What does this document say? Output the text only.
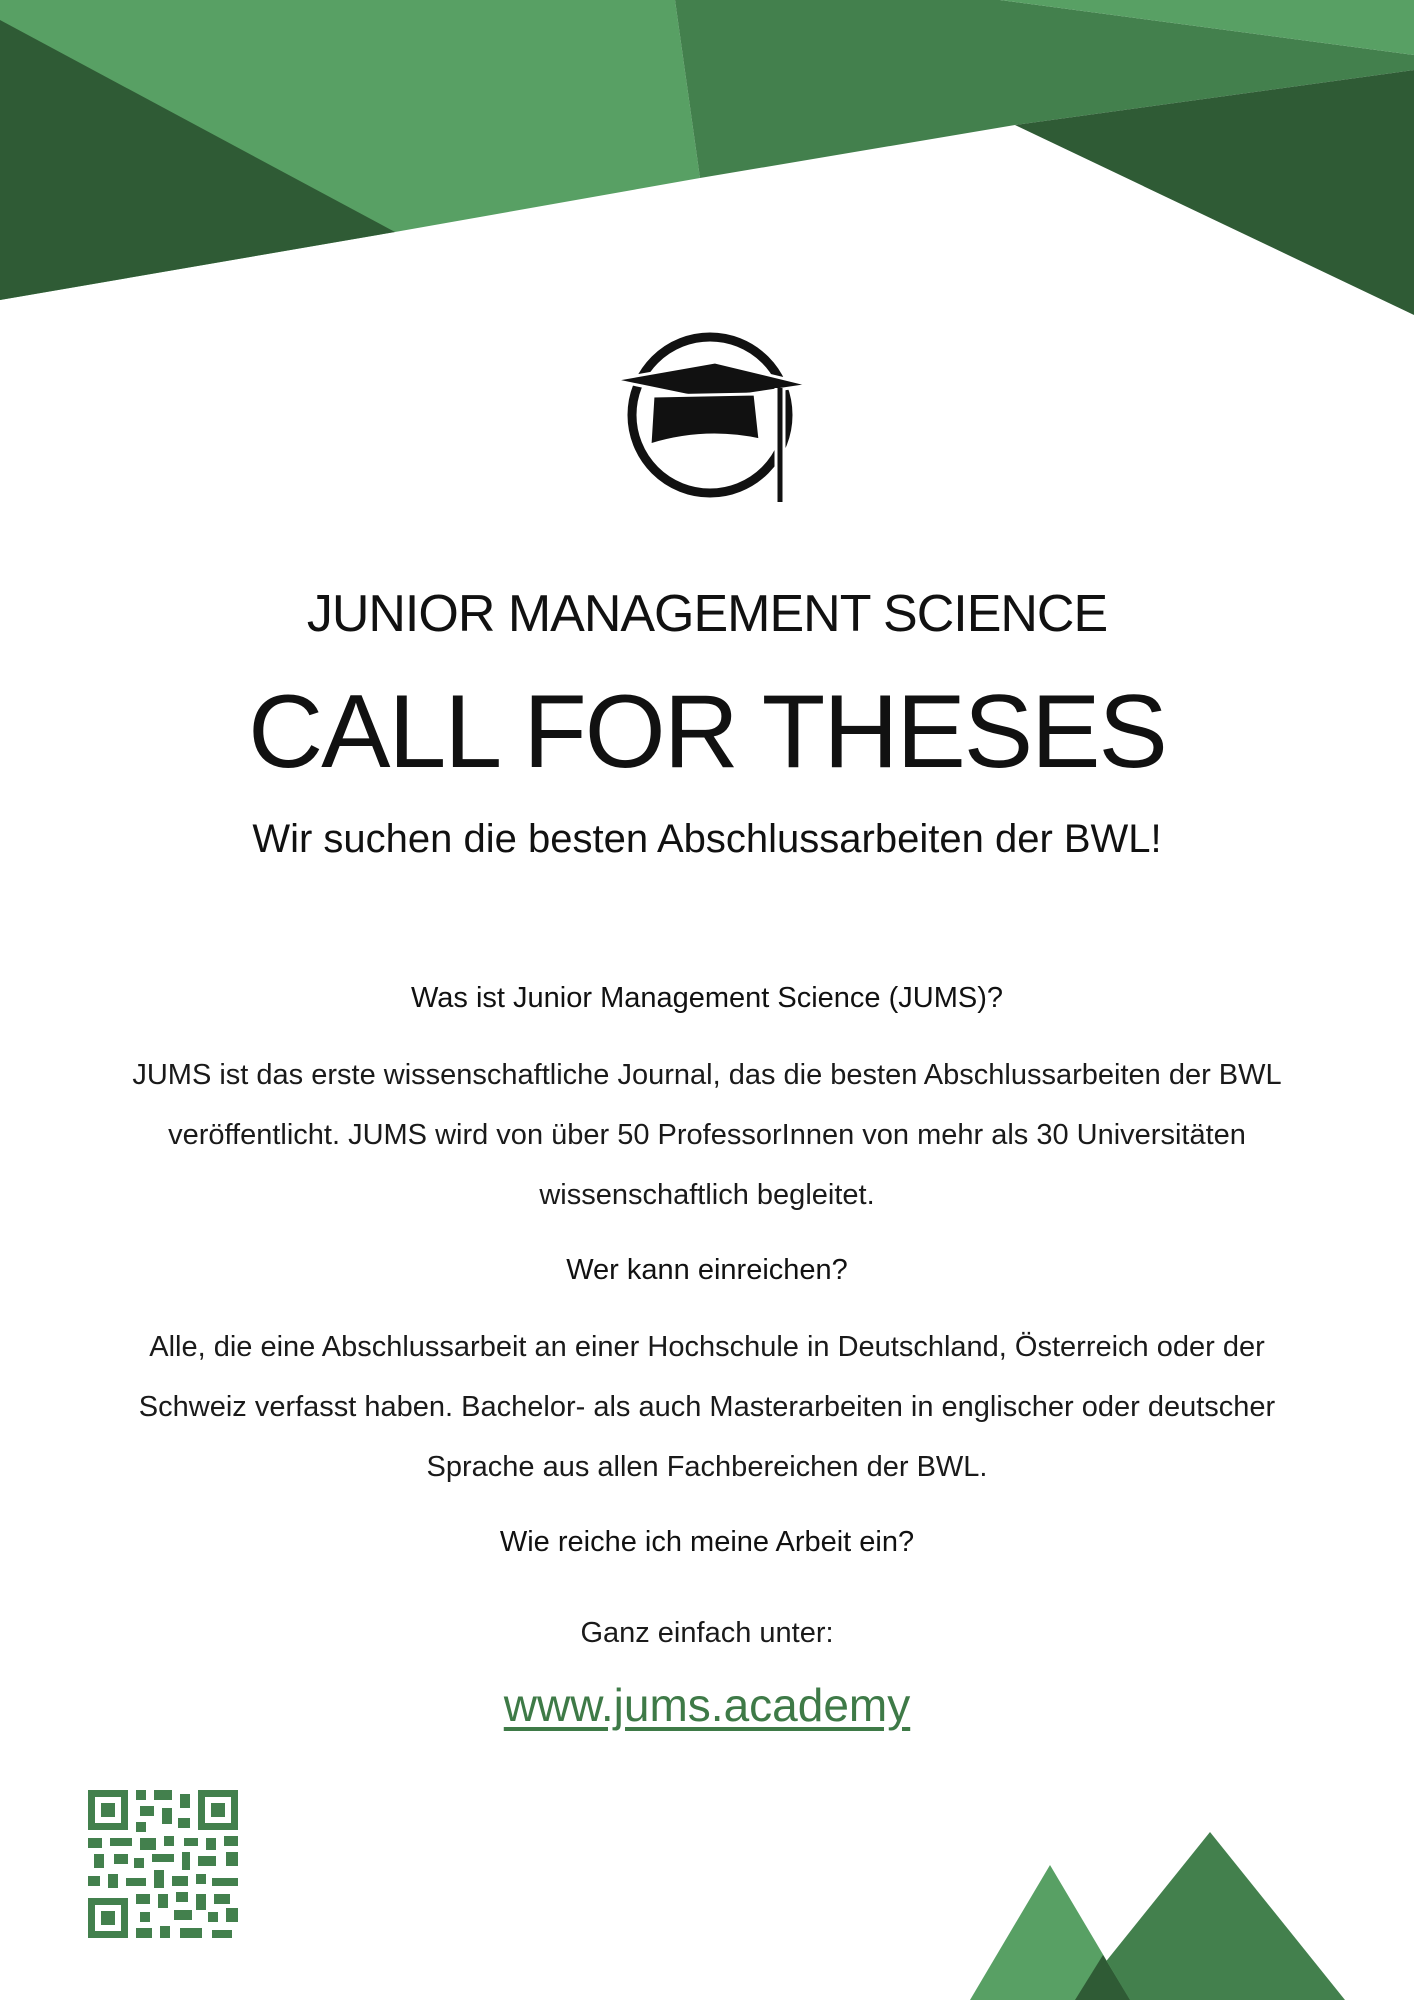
JUNIOR MANAGEMENT SCIENCE
CALL FOR THESES
Wir suchen die besten Abschlussarbeiten der BWL!
Was ist Junior Management Science (JUMS)?
JUMS ist das erste wissenschaftliche Journal, das die besten Abschlussarbeiten der BWL
veröffentlicht. JUMS wird von über 50 ProfessorInnen von mehr als 30 Universitäten
wissenschaftlich begleitet.
Wer kann einreichen?
Alle, die eine Abschlussarbeit an einer Hochschule in Deutschland, Österreich oder der
Schweiz verfasst haben. Bachelor- als auch Masterarbeiten in englischer oder deutscher
Sprache aus allen Fachbereichen der BWL.
Wie reiche ich meine Arbeit ein?
Ganz einfach unter:
www.jums.academy
